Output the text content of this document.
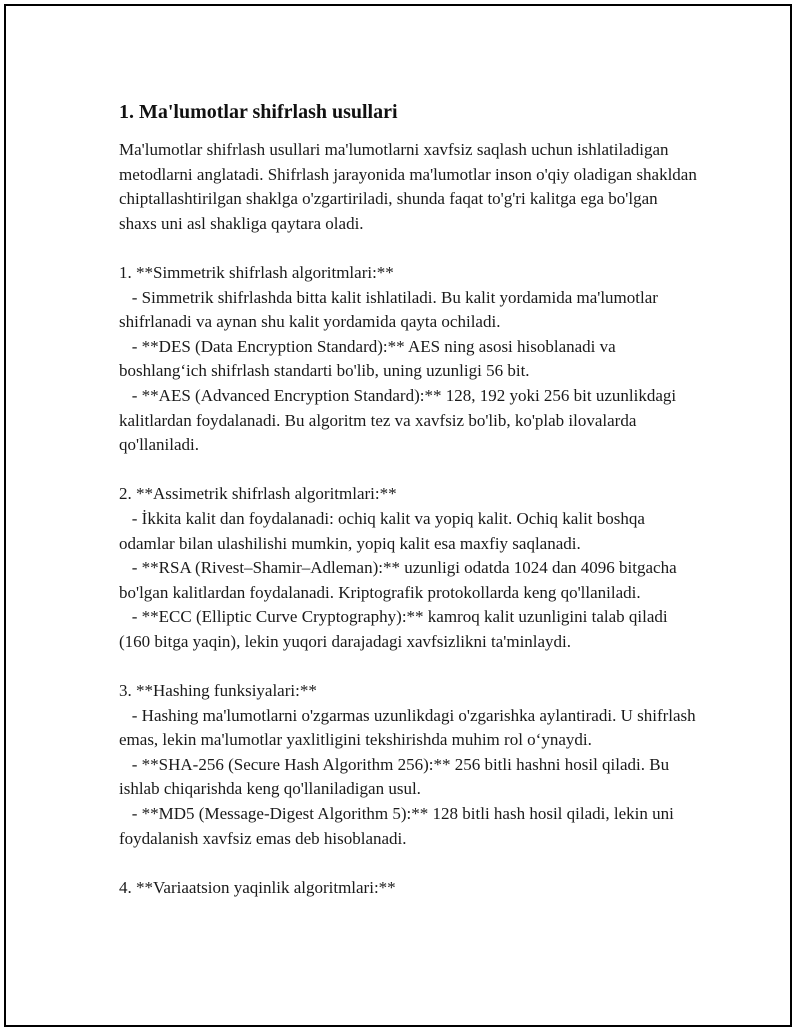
1. Ma'lumotlar shifrlash usullari

Ma'lumotlar shifrlash usullari ma'lumotlarni xavfsiz saqlash uchun ishlatiladigan metodlarni anglatadi. Shifrlash jarayonida ma'lumotlar inson o'qiy oladigan shakldan chiptallashtirilgan shaklga o'zgartiriladi, shunda faqat to'g'ri kalitga ega bo'lgan shaxs uni asl shakliga qaytara oladi.

1. **Simmetrik shifrlash algoritmlari:**

- Simmetrik shifrlashda bitta kalit ishlatiladi. Bu kalit yordamida ma'lumotlar shifrlanadi va aynan shu kalit yordamida qayta ochiladi.

- **DES (Data Encryption Standard):** AES ning asosi hisoblanadi va boshlang‘ich shifrlash standarti bo'lib, uning uzunligi 56 bit.

- **AES (Advanced Encryption Standard):** 128, 192 yoki 256 bit uzunlikdagi kalitlardan foydalanadi. Bu algoritm tez va xavfsiz bo'lib, ko'plab ilovalarda qo'llaniladi.

2. **Assimetrik shifrlash algoritmlari:**

- İkkita kalit dan foydalanadi: ochiq kalit va yopiq kalit. Ochiq kalit boshqa odamlar bilan ulashilishi mumkin, yopiq kalit esa maxfiy saqlanadi.

- **RSA (Rivest–Shamir–Adleman):** uzunligi odatda 1024 dan 4096 bitgacha bo'lgan kalitlardan foydalanadi. Kriptografik protokollarda keng qo'llaniladi.

- **ECC (Elliptic Curve Cryptography):** kamroq kalit uzunligini talab qiladi (160 bitga yaqin), lekin yuqori darajadagi xavfsizlikni ta'minlaydi.

3. **Hashing funksiyalari:**

- Hashing ma'lumotlarni o'zgarmas uzunlikdagi o'zgarishka aylantiradi. U shifrlash emas, lekin ma'lumotlar yaxlitligini tekshirishda muhim rol o‘ynaydi.

- **SHA-256 (Secure Hash Algorithm 256):** 256 bitli hashni hosil qiladi. Bu ishlab chiqarishda keng qo'llaniladigan usul.

- **MD5 (Message-Digest Algorithm 5):** 128 bitli hash hosil qiladi, lekin uni foydalanish xavfsiz emas deb hisoblanadi.

4. **Variaatsion yaqinlik algoritmlari:**
